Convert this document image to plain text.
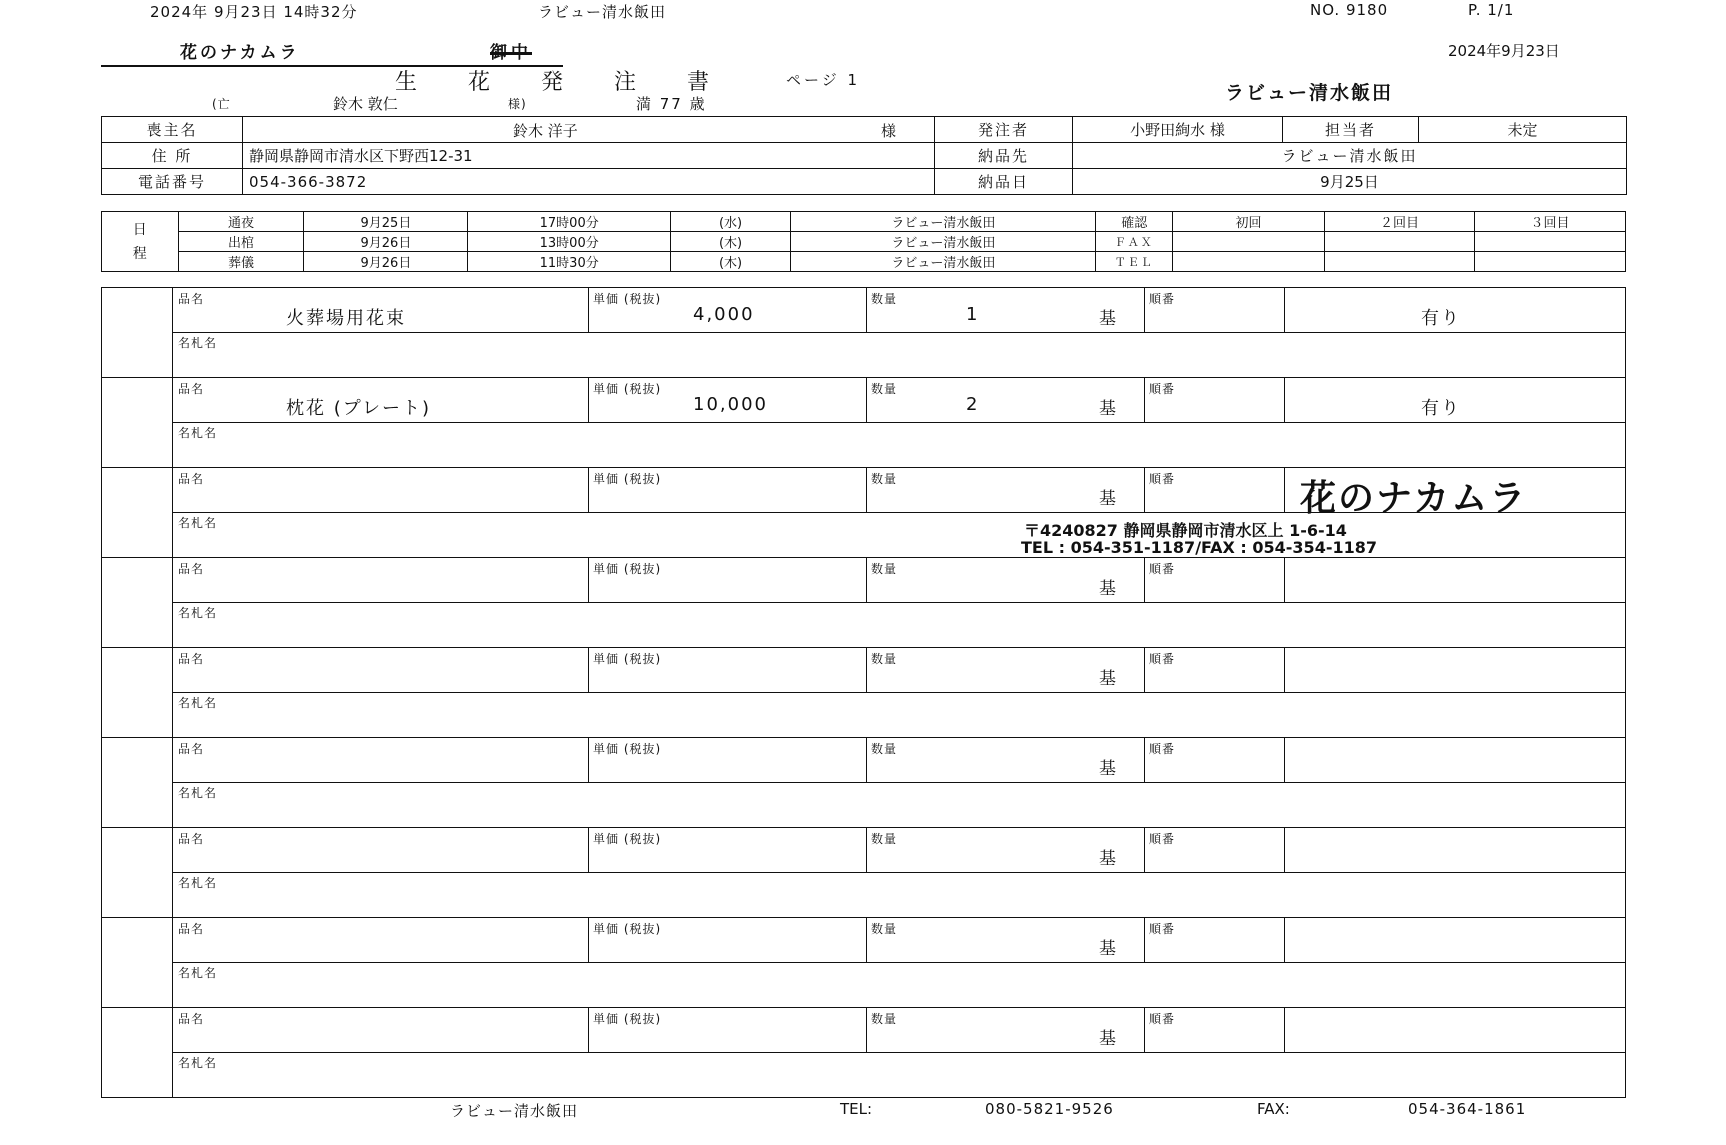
2024年 9月23日 14時32分	ラビュー清水飯田	NO. 9180	P. 1/1
花のナカムラ	御中	2024年9月23日
生 花 発 注 書	ページ 1
ラビュー清水飯田
(亡	鈴木 敦仁	様)	満 77 歳
喪主名	鈴木 洋子 様	発注者	小野田絢水 様	担当者	未定
住 所	静岡県静岡市清水区下野西12-31	納品先	ラビュー清水飯田		
電話番号	054-366-3872	納品日	9月25日		
日
程	通夜	9月25日	17時00分	(水)	ラビュー清水飯田	確認	初回	２回目	３回目
	出棺	9月26日	13時00分	(木)	ラビュー清水飯田	ＦＡＸ			
	葬儀	9月26日	11時30分	(木)	ラビュー清水飯田	ＴＥＬ			
品名	単価 (税抜)	数量	順番
基
火葬場用花束	4,000	1	有り
名札名
品名	単価 (税抜)	数量	順番
基
枕花 (プレート)	10,000	2	有り
名札名
品名	単価 (税抜)	数量	順番
基
名札名
品名	単価 (税抜)	数量	順番
基
名札名
品名	単価 (税抜)	数量	順番
基
名札名
品名	単価 (税抜)	数量	順番
基
名札名
品名	単価 (税抜)	数量	順番
基
名札名
品名	単価 (税抜)	数量	順番
基
名札名
品名	単価 (税抜)	数量	順番
基
名札名
花のナカムラ
〒4240827 静岡県静岡市清水区上 1-6-14
TEL : 054-351-1187/FAX : 054-354-1187
ラビュー清水飯田	TEL:	080-5821-9526	FAX:	054-364-1861
